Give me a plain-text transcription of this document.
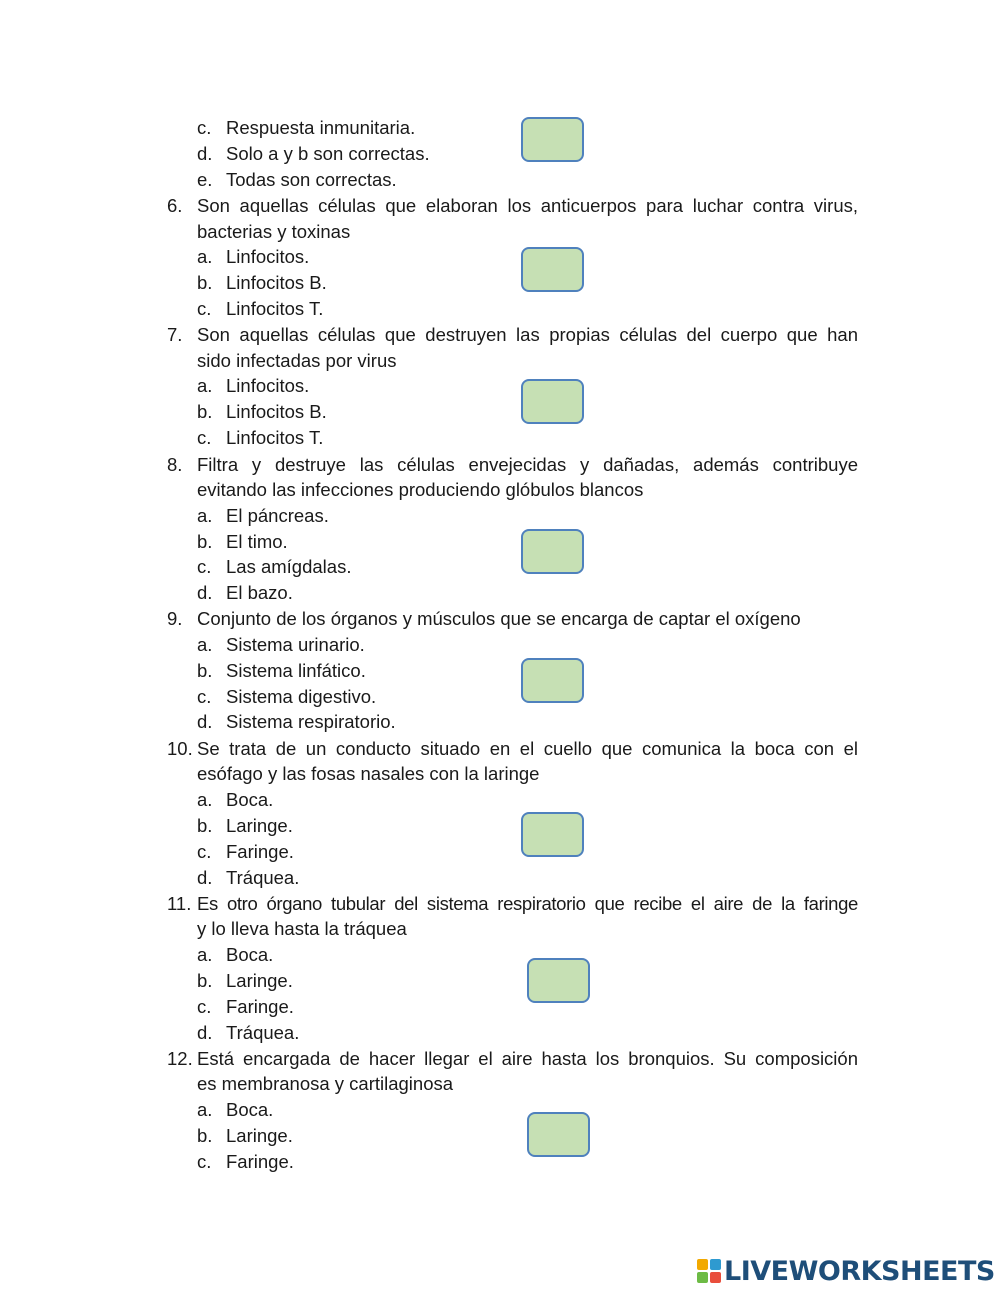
c. Respuesta inmunitaria.
d. Solo a y b son correctas.
e. Todas son correctas.
6. Son aquellas células que elaboran los anticuerpos para luchar contra virus,
bacterias y toxinas
a. Linfocitos.
b. Linfocitos B.
c. Linfocitos T.
7. Son aquellas células que destruyen las propias células del cuerpo que han
sido infectadas por virus
a. Linfocitos.
b. Linfocitos B.
c. Linfocitos T.
8. Filtra y destruye las células envejecidas y dañadas, además contribuye
evitando las infecciones produciendo glóbulos blancos
a. El páncreas.
b. El timo.
c. Las amígdalas.
d. El bazo.
9. Conjunto de los órganos y músculos que se encarga de captar el oxígeno
a. Sistema urinario.
b. Sistema linfático.
c. Sistema digestivo.
d. Sistema respiratorio.
10. Se trata de un conducto situado en el cuello que comunica la boca con el
esófago y las fosas nasales con la laringe
a. Boca.
b. Laringe.
c. Faringe.
d. Tráquea.
11. Es otro órgano tubular del sistema respiratorio que recibe el aire de la faringe
y lo lleva hasta la tráquea
a. Boca.
b. Laringe.
c. Faringe.
d. Tráquea.
12. Está encargada de hacer llegar el aire hasta los bronquios. Su composición
es membranosa y cartilaginosa
a. Boca.
b. Laringe.
c. Faringe.
LIVEWORKSHEETS
